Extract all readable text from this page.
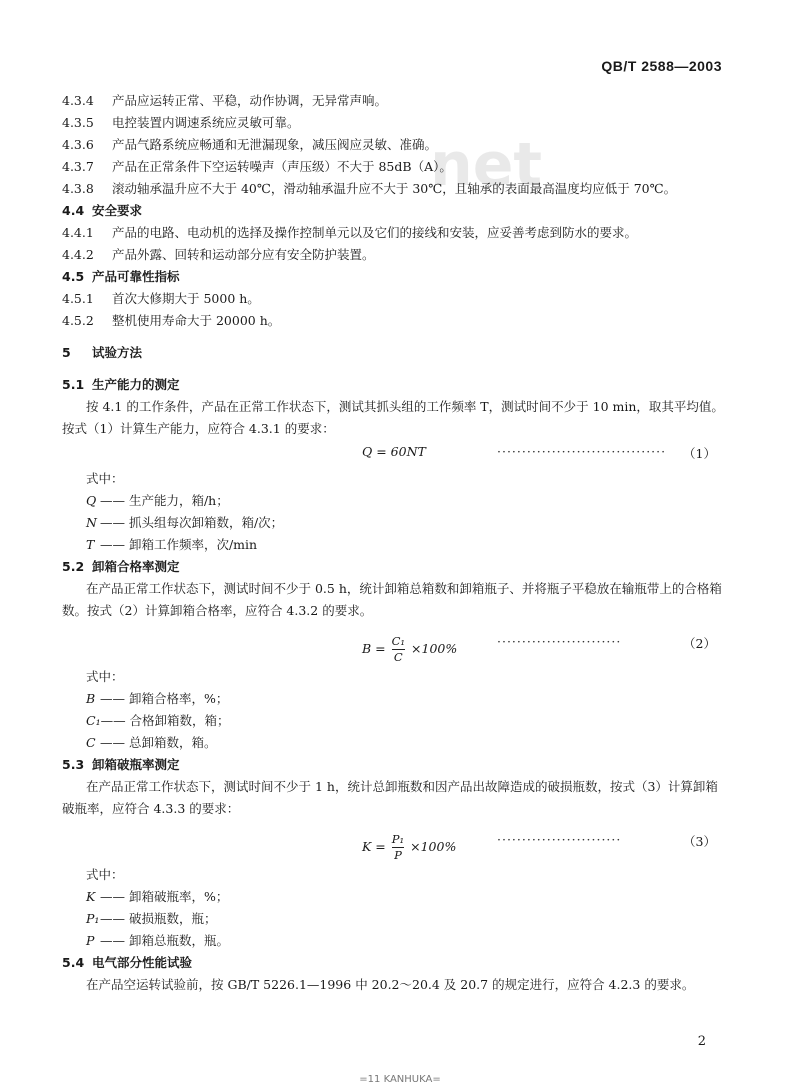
net
QB/T 2588—2003
4.3.4 产品应运转正常、平稳，动作协调，无异常声响。
4.3.5 电控装置内调速系统应灵敏可靠。
4.3.6 产品气路系统应畅通和无泄漏现象，减压阀应灵敏、准确。
4.3.7 产品在正常条件下空运转噪声（声压级）不大于 85dB（A）。
4.3.8 滚动轴承温升应不大于 40℃，滑动轴承温升应不大于 30℃，且轴承的表面最高温度均应低于 70℃。
4.4 安全要求
4.4.1 产品的电路、电动机的选择及操作控制单元以及它们的接线和安装，应妥善考虑到防水的要求。
4.4.2 产品外露、回转和运动部分应有安全防护装置。
4.5 产品可靠性指标
4.5.1 首次大修期大于 5000 h。
4.5.2 整机使用寿命大于 20000 h。
5 试验方法
5.1 生产能力的测定
按 4.1 的工作条件，产品在正常工作状态下，测试其抓头组的工作频率 T，测试时间不少于 10 min，取其平均值。按式（1）计算生产能力，应符合 4.3.1 的要求：
Q = 60NT	·································· （1）
式中：
Q —— 生产能力，箱/h；
N —— 抓头组每次卸箱数，箱/次；
T —— 卸箱工作频率，次/min
5.2 卸箱合格率测定
在产品正常工作状态下，测试时间不少于 0.5 h，统计卸箱总箱数和卸箱瓶子、并将瓶子平稳放在输瓶带上的合格箱数。按式（2）计算卸箱合格率，应符合 4.3.2 的要求。
$B = \frac{\text{C₁}}{C} \times 100\%$	·························	（2）
式中：
B —— 卸箱合格率，%；
C₁—— 合格卸箱数，箱；
C —— 总卸箱数，箱。
5.3 卸箱破瓶率测定
在产品正常工作状态下，测试时间不少于 1 h，统计总卸瓶数和因产品出故障造成的破损瓶数，按式（3）计算卸箱破瓶率，应符合 4.3.3 的要求：
$K = \frac{\text{P₁}}{P} \times 100\%$	·························	（3）
式中：
K —— 卸箱破瓶率，%；
P₁—— 破损瓶数，瓶；
P —— 卸箱总瓶数，瓶。
5.4 电气部分性能试验
在产品空运转试验前，按 GB/T 5226.1—1996 中 20.2～20.4 及 20.7 的规定进行，应符合 4.2.3 的要求。
2
=11 KANHUKA=
